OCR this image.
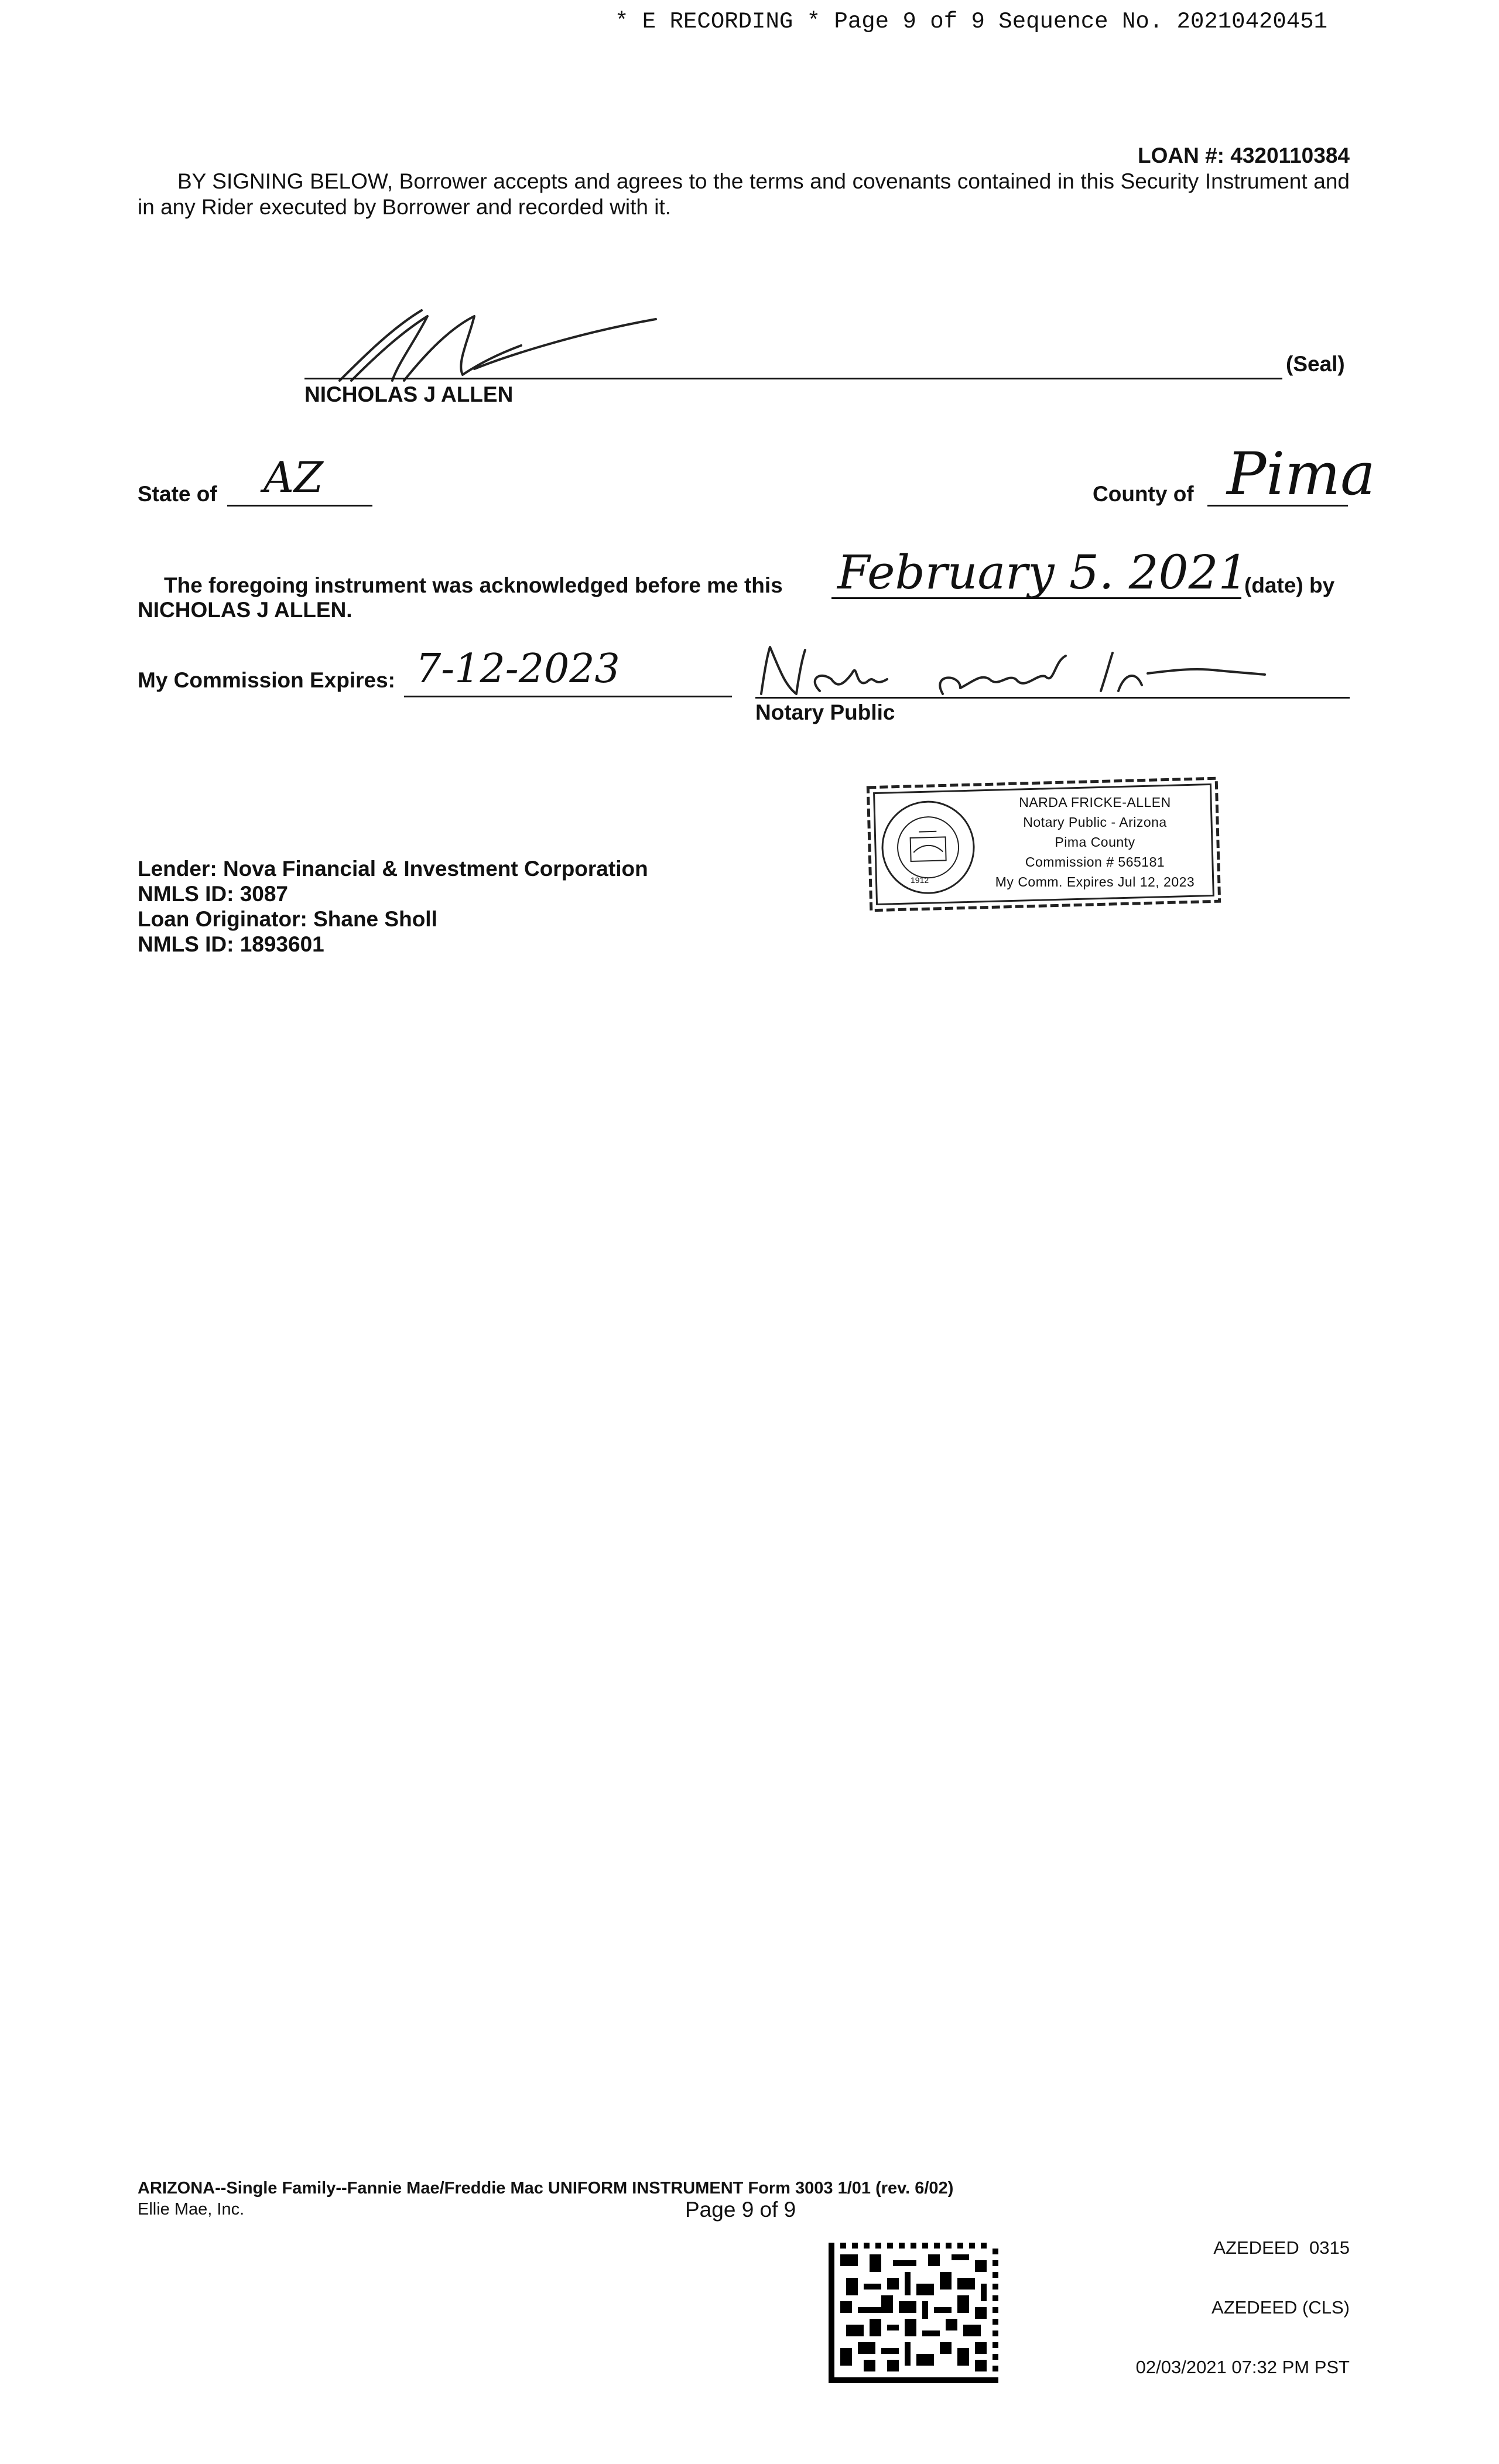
* E RECORDING * Page 9 of 9 Sequence No. 20210420451
LOAN #: 4320110384
BY SIGNING BELOW, Borrower accepts and agrees to the terms and covenants contained in this Security Instrument and in any Rider executed by Borrower and recorded with it.
(Seal)
NICHOLAS J ALLEN
State of AZ	County of Pima
The foregoing instrument was acknowledged before me this February 5. 2021
(date) by
NICHOLAS J ALLEN.
My Commission Expires: 7-12-2023
Notary Public
1912
NARDA FRICKE-ALLEN
Notary Public - Arizona
Pima County
Commission # 565181
My Comm. Expires Jul 12, 2023
Lender: Nova Financial & Investment Corporation
NMLS ID: 3087
Loan Originator: Shane Sholl
NMLS ID: 1893601
ARIZONA--Single Family--Fannie Mae/Freddie Mac UNIFORM INSTRUMENT Form 3003 1/01 (rev. 6/02)
Ellie Mae, Inc.	Page 9 of 9

AZEDEED  0315

AZEDEED (CLS)

02/03/2021 07:32 PM PST
